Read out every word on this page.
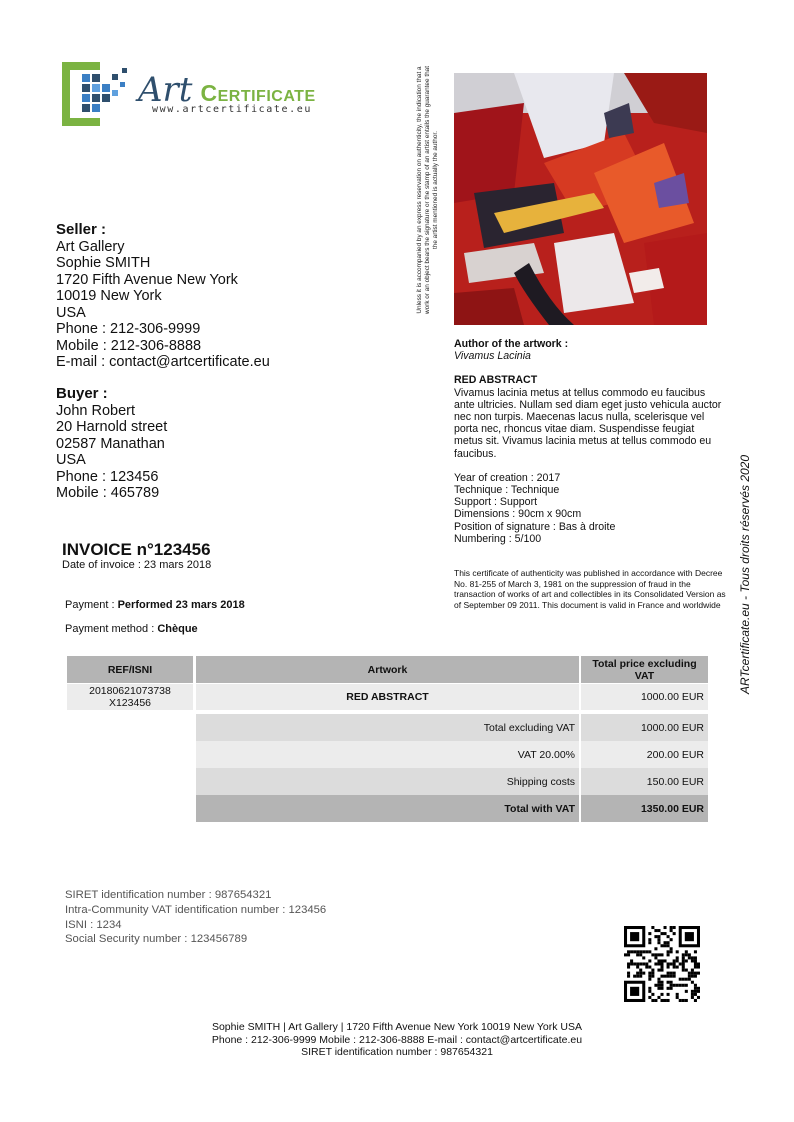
Art Certificate
www.artcertificate.eu
Seller :
Art Gallery
Sophie SMITH
1720 Fifth Avenue New York
10019 New York
USA
Phone : 212-306-9999
Mobile : 212-306-8888
E-mail : contact@artcertificate.eu
Buyer :
John Robert
20 Harnold street
02587 Manathan
USA
Phone : 123456
Mobile : 465789
Unless it is accompanied by an express reservation on authenticity, the indication that a work or an object bears the signature or the stamp of an artist entails the guarantee that the artist mentioned is actually the author.
Author of the artwork :
Vivamus Lacinia
RED ABSTRACT
Vivamus lacinia metus at tellus commodo eu faucibus ante ultricies. Nullam sed diam eget justo vehicula auctor nec non turpis. Maecenas lacus nulla, scelerisque vel porta nec, rhoncus vitae diam. Suspendisse feugiat metus sit. Vivamus lacinia metus at tellus commodo eu faucibus.
Year of creation : 2017
Technique : Technique
Support : Support
Dimensions : 90cm x 90cm
Position of signature : Bas à droite
Numbering : 5/100
This certificate of authenticity was published in accordance with Decree No. 81-255 of March 3, 1981 on the suppression of fraud in the transaction of works of art and collectibles in its Consolidated Version as of September 09 2011. This document is valid in France and worldwide
INVOICE n°123456
Date of invoice : 23 mars 2018
Payment : Performed 23 mars 2018
Payment method : Chèque
REF/ISNI	Artwork	Total price excluding VAT
20180621073738
X123456	RED ABSTRACT	1000.00 EUR
Total excluding VAT	1000.00 EUR
VAT 20.00%	200.00 EUR
Shipping costs	150.00 EUR
Total with VAT	1350.00 EUR
ARTcertificate.eu - Tous droits réservés 2020
SIRET identification number : 987654321
Intra-Community VAT identification number : 123456
ISNI : 1234
Social Security number : 123456789
Sophie SMITH | Art Gallery | 1720 Fifth Avenue New York 10019 New York USA
Phone : 212-306-9999 Mobile : 212-306-8888 E-mail : contact@artcertificate.eu
SIRET identification number : 987654321
